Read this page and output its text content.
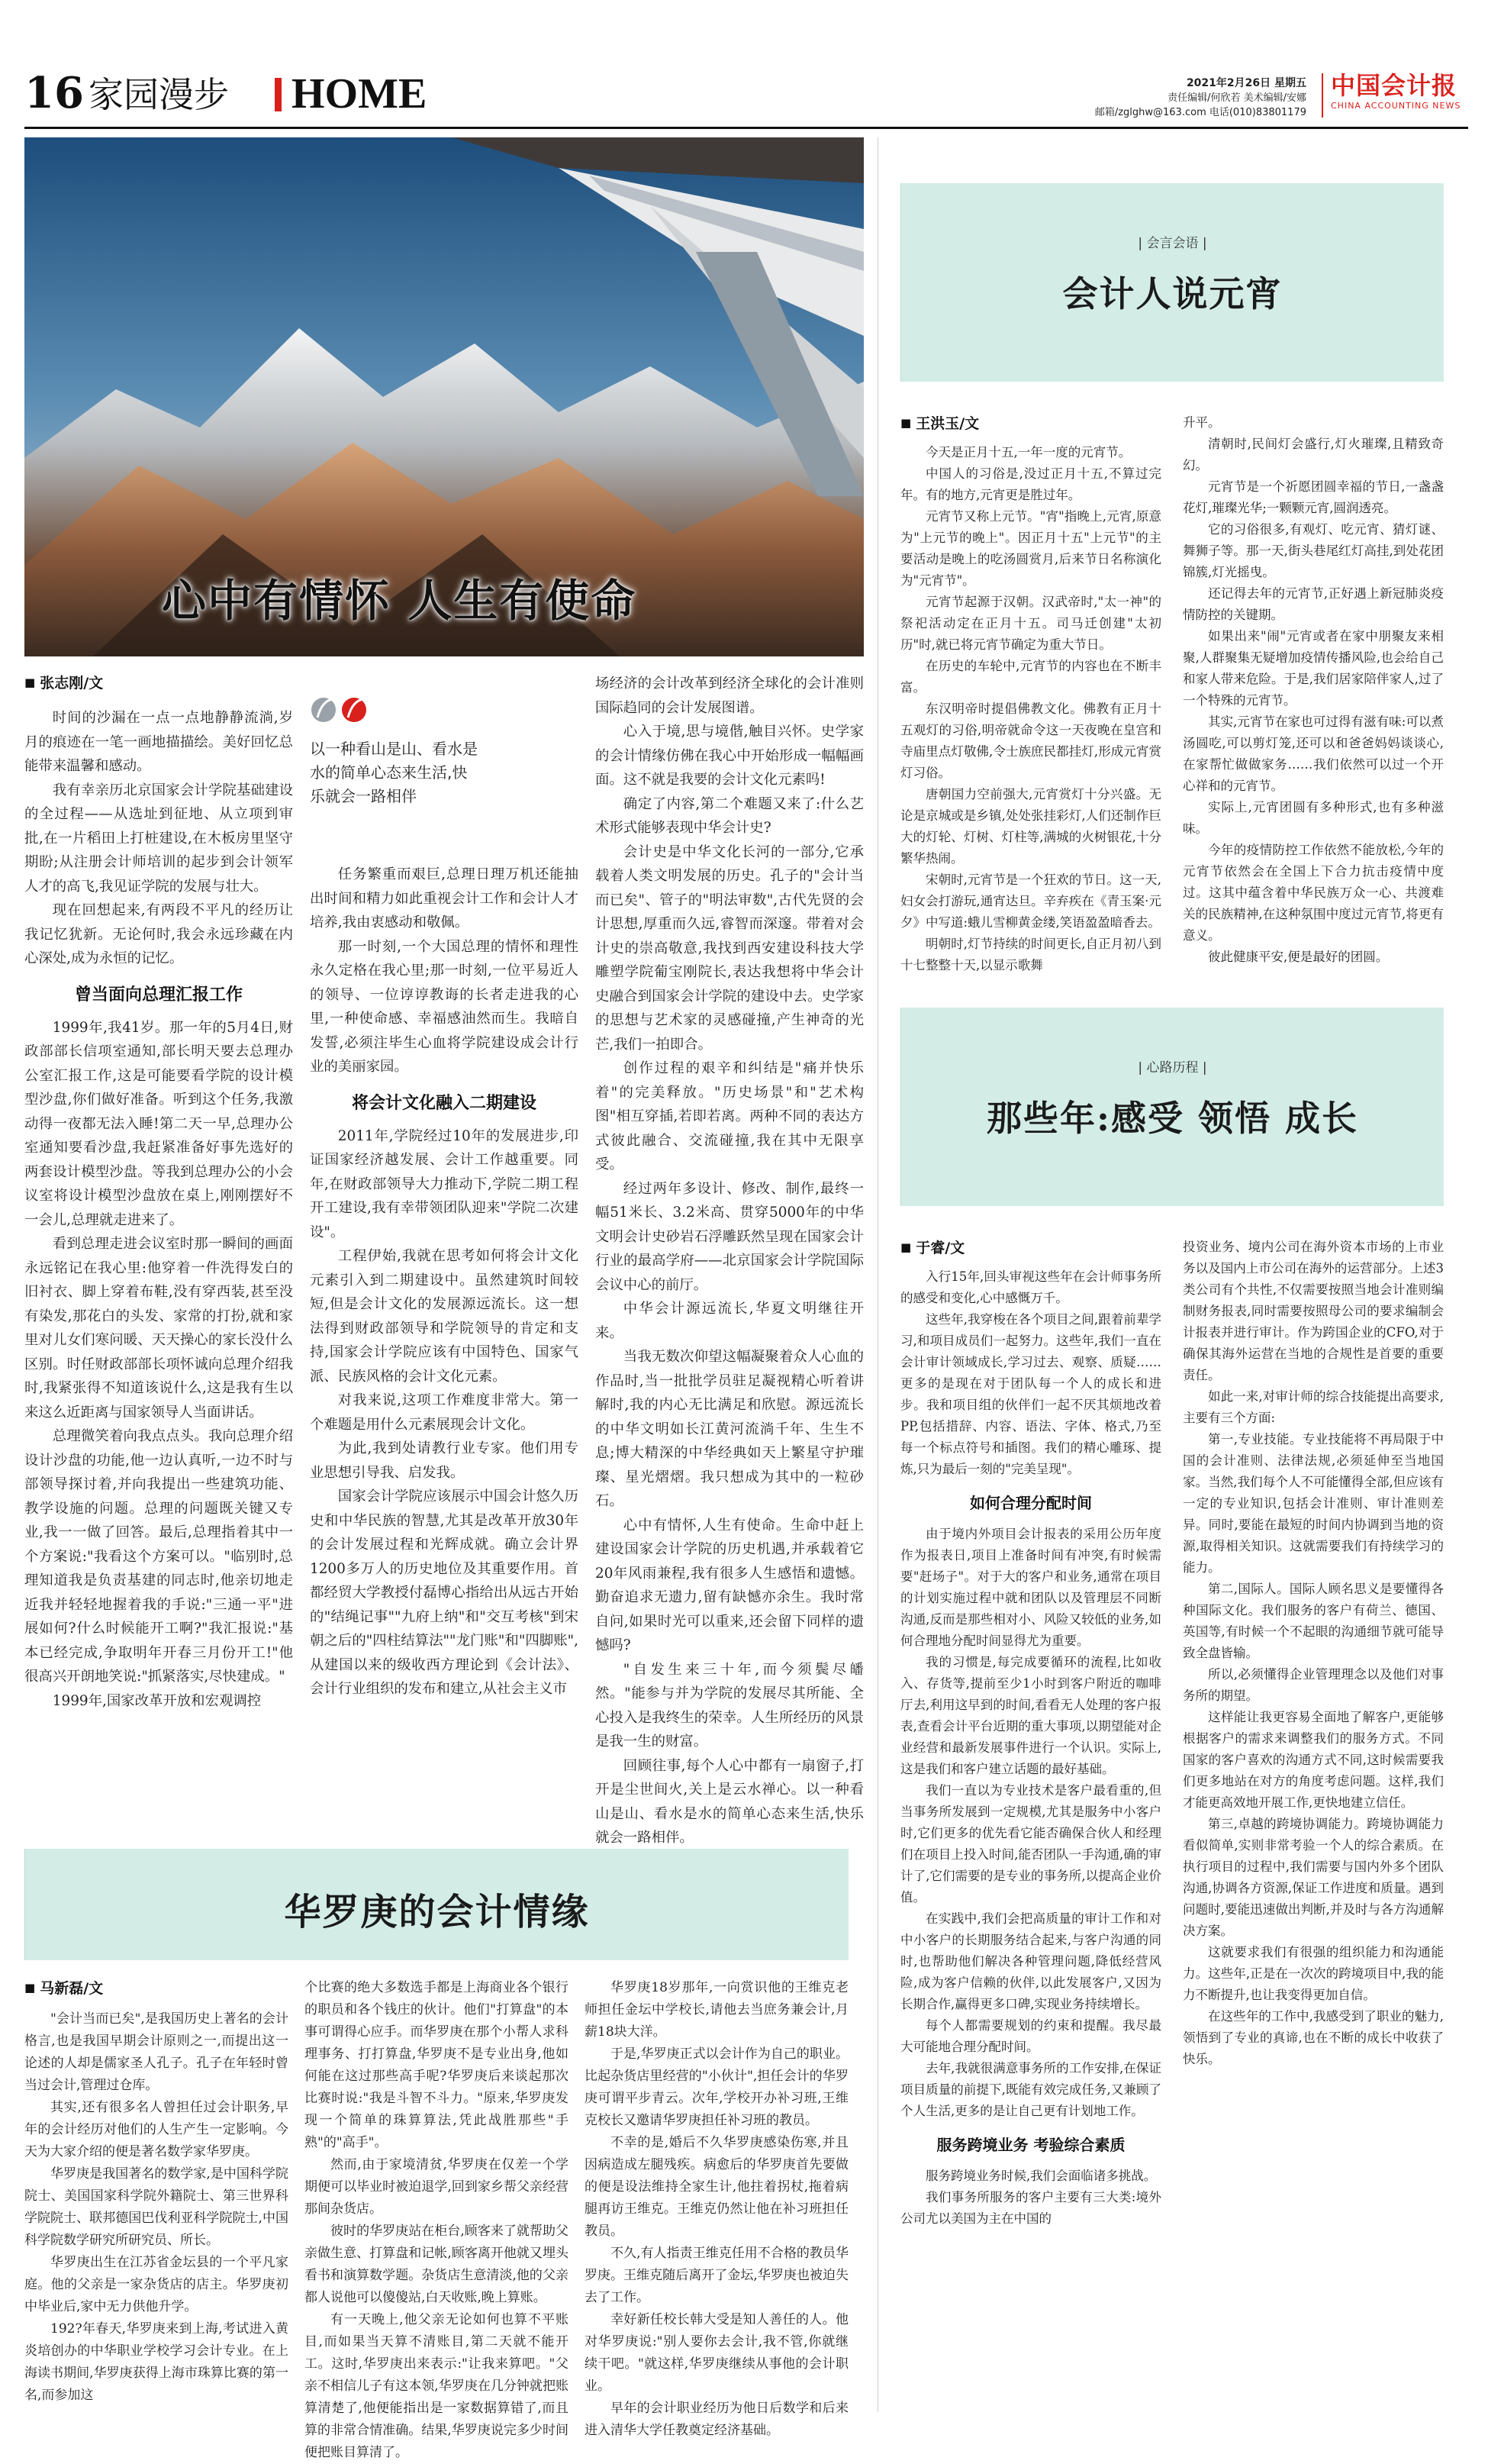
16 家园漫步 HOME	2021年2月26日 星期五
责任编辑/何欣若 美术编辑/安娜
邮箱/zglghw@163.com 电话(010)83801179
中国会计报
CHINA ACCOUNTING NEWS
心中有情怀 人生有使命
■ 张志刚/文

时间的沙漏在一点一点地静静流淌,岁月的痕迹在一笔一画地描描绘。美好回忆总能带来温馨和感动。

我有幸亲历北京国家会计学院基础建设的全过程——从选址到征地、从立项到审批,在一片稻田上打桩建设,在木板房里坚守期盼;从注册会计师培训的起步到会计领军人才的高飞,我见证学院的发展与壮大。

现在回想起来,有两段不平凡的经历让我记忆犹新。无论何时,我会永远珍藏在内心深处,成为永恒的记忆。

曾当面向总理汇报工作

1999年,我41岁。那一年的5月4日,财政部部长信项室通知,部长明天要去总理办公室汇报工作,这是可能要看学院的设计模型沙盘,你们做好准备。听到这个任务,我激动得一夜都无法入睡!第二天一早,总理办公室通知要看沙盘,我赶紧准备好事先选好的两套设计模型沙盘。等我到总理办公的小会议室将设计模型沙盘放在桌上,刚刚摆好不一会儿,总理就走进来了。

看到总理走进会议室时那一瞬间的画面永远铭记在我心里:他穿着一件洗得发白的旧衬衣、脚上穿着布鞋,没有穿西装,甚至没有染发,那花白的头发、家常的打扮,就和家里对儿女们寒问暖、天天操心的家长没什么区别。时任财政部部长项怀诚向总理介绍我时,我紧张得不知道该说什么,这是我有生以来这么近距离与国家领导人当面讲话。

总理微笑着向我点点头。我向总理介绍设计沙盘的功能,他一边认真听,一边不时与部领导探讨着,并向我提出一些建筑功能、教学设施的问题。总理的问题既关键又专业,我一一做了回答。最后,总理指着其中一个方案说:"我看这个方案可以。"临别时,总理知道我是负责基建的同志时,他亲切地走近我并轻轻地握着我的手说:"三通一平"进展如何?什么时候能开工啊?"我汇报说:"基本已经完成,争取明年开春三月份开工!"他很高兴开朗地笑说:"抓紧落实,尽快建成。"

1999年,国家改革开放和宏观调控

以一种看山是山、看水是水的简单心态来生活,快乐就会一路相伴

任务繁重而艰巨,总理日理万机还能抽出时间和精力如此重视会计工作和会计人才培养,我由衷感动和敬佩。

那一时刻,一个大国总理的情怀和理性永久定格在我心里;那一时刻,一位平易近人的领导、一位谆谆教诲的长者走进我的心里,一种使命感、幸福感油然而生。我暗自发誓,必须注毕生心血将学院建设成会计行业的美丽家园。

将会计文化融入二期建设

2011年,学院经过10年的发展进步,印证国家经济越发展、会计工作越重要。同年,在财政部领导大力推动下,学院二期工程开工建设,我有幸带领团队迎来"学院二次建设"。

工程伊始,我就在思考如何将会计文化元素引入到二期建设中。虽然建筑时间较短,但是会计文化的发展源远流长。这一想法得到财政部领导和学院领导的肯定和支持,国家会计学院应该有中国特色、国家气派、民族风格的会计文化元素。

对我来说,这项工作难度非常大。第一个难题是用什么元素展现会计文化。

为此,我到处请教行业专家。他们用专业思想引导我、启发我。

国家会计学院应该展示中国会计悠久历史和中华民族的智慧,尤其是改革开放30年的会计发展过程和光辉成就。确立会计界1200多万人的历史地位及其重要作用。首都经贸大学教授付磊博心指给出从远古开始的"结绳记事""九府上纳"和"交互考核"到宋朝之后的"四柱结算法""龙门账"和"四脚账",从建国以来的级收西方理论到《会计法》、会计行业组织的发布和建立,从社会主义市

场经济的会计改革到经济全球化的会计准则国际趋同的会计发展图谱。

心入于境,思与境偕,触目兴怀。史学家的会计情缘仿佛在我心中开始形成一幅幅画面。这不就是我要的会计文化元素吗!

确定了内容,第二个难题又来了:什么艺术形式能够表现中华会计史?

会计史是中华文化长河的一部分,它承载着人类文明发展的历史。孔子的"会计当而已矣"、管子的"明法审数",古代先贤的会计思想,厚重而久远,睿智而深邃。带着对会计史的崇高敬意,我找到西安建设科技大学雕塑学院葡宝刚院长,表达我想将中华会计史融合到国家会计学院的建设中去。史学家的思想与艺术家的灵感碰撞,产生神奇的光芒,我们一拍即合。

创作过程的艰辛和纠结是"痛并快乐着"的完美释放。"历史场景"和"艺术构图"相互穿插,若即若离。两种不同的表达方式彼此融合、交流碰撞,我在其中无限享受。

经过两年多设计、修改、制作,最终一幅51米长、3.2米高、贯穿5000年的中华文明会计史砂岩石浮雕跃然呈现在国家会计行业的最高学府——北京国家会计学院国际会议中心的前厅。

中华会计源远流长,华夏文明继往开来。

当我无数次仰望这幅凝聚着众人心血的作品时,当一批批学员驻足凝视精心听着讲解时,我的内心无比满足和欣慰。源远流长的中华文明如长江黄河流淌千年、生生不息;博大精深的中华经典如天上繁星守护璀璨、星光熠熠。我只想成为其中的一粒砂石。

心中有情怀,人生有使命。生命中赶上建设国家会计学院的历史机遇,并承载着它20年风雨兼程,我有很多人生感悟和遗憾。勤奋追求无遗力,留有缺憾亦余生。我时常自问,如果时光可以重来,还会留下同样的遗憾吗?

"自发生来三十年,而今须鬓尽皤然。"能参与并为学院的发展尽其所能、全心投入是我终生的荣幸。人生所经历的风景是我一生的财富。

回顾往事,每个人心中都有一扇窗子,打开是尘世间火,关上是云水禅心。以一种看山是山、看水是水的简单心态来生活,快乐就会一路相伴。

华罗庚的会计情缘
■ 马新磊/文

"会计当而已矣",是我国历史上著名的会计格言,也是我国早期会计原则之一,而提出这一论述的人却是儒家圣人孔子。孔子在年轻时曾当过会计,管理过仓库。

其实,还有很多名人曾担任过会计职务,早年的会计经历对他们的人生产生一定影响。今天为大家介绍的便是著名数学家华罗庚。

华罗庚是我国著名的数学家,是中国科学院院士、美国国家科学院外籍院士、第三世界科学院院士、联邦德国巴伐利亚科学院院士,中国科学院数学研究所研究员、所长。

华罗庚出生在江苏省金坛县的一个平凡家庭。他的父亲是一家杂货店的店主。华罗庚初中毕业后,家中无力供他升学。

192?年春天,华罗庚来到上海,考试进入黄炎培创办的中华职业学校学习会计专业。在上海读书期间,华罗庚获得上海市珠算比赛的第一名,而参加这

个比赛的绝大多数选手都是上海商业各个银行的职员和各个钱庄的伙计。他们"打算盘"的本事可谓得心应手。而华罗庚在那个小帮人求科理事务、打打算盘,华罗庚不是专业出身,他如何能在这过那些高手呢?华罗庚后来谈起那次比赛时说:"我是斗智不斗力。"原来,华罗庚发现一个简单的珠算算法,凭此战胜那些"手熟"的"高手"。

然而,由于家境清贫,华罗庚在仅差一个学期便可以毕业时被迫退学,回到家乡帮父亲经营那间杂货店。

彼时的华罗庚站在柜台,顾客来了就帮助父亲做生意、打算盘和记帐,顾客离开他就又埋头看书和演算数学题。杂货店生意清淡,他的父亲都人说他可以傻傻站,白天收账,晚上算账。

有一天晚上,他父亲无论如何也算不平账目,而如果当天算不清账目,第二天就不能开工。这时,华罗庚出来表示:"让我来算吧。"父亲不相信儿子有这本领,华罗庚在几分钟就把账算清楚了,他便能指出是一家数据算错了,而且算的非常合情准确。结果,华罗庚说完多少时间便把账目算清了。

华罗庚18岁那年,一向赏识他的王维克老师担任金坛中学校长,请他去当庶务兼会计,月薪18块大洋。

于是,华罗庚正式以会计作为自己的职业。比起杂货店里经营的"小伙计",担任会计的华罗庚可谓平步青云。次年,学校开办补习班,王维克校长又邀请华罗庚担任补习班的教员。

不幸的是,婚后不久华罗庚感染伤寒,并且因病造成左腿残疾。病愈后的华罗庚首先要做的便是设法维持全家生计,他拄着拐杖,拖着病腿再访王维克。王维克仍然让他在补习班担任教员。

不久,有人指责王维克任用不合格的教员华罗庚。王维克随后离开了金坛,华罗庚也被迫失去了工作。

幸好新任校长韩大受是知人善任的人。他对华罗庚说:"别人要你去会计,我不管,你就继续干吧。"就这样,华罗庚继续从事他的会计职业。

早年的会计职业经历为他日后数学和后来进入清华大学任教奠定经济基础。

| 会言会语 |
会计人说元宵
■ 王洪玉/文

今天是正月十五,一年一度的元宵节。

中国人的习俗是,没过正月十五,不算过完年。有的地方,元宵更是胜过年。

元宵节又称上元节。"宵"指晚上,元宵,原意为"上元节的晚上"。因正月十五"上元节"的主要活动是晚上的吃汤圆赏月,后来节日名称演化为"元宵节"。

元宵节起源于汉朝。汉武帝时,"太一神"的祭祀活动定在正月十五。司马迁创建"太初历"时,就已将元宵节确定为重大节日。

在历史的车轮中,元宵节的内容也在不断丰富。

东汉明帝时提倡佛教文化。佛教有正月十五观灯的习俗,明帝就命令这一天夜晚在皇宫和寺庙里点灯敬佛,令士族庶民都挂灯,形成元宵赏灯习俗。

唐朝国力空前强大,元宵赏灯十分兴盛。无论是京城或是乡镇,处处张挂彩灯,人们还制作巨大的灯轮、灯树、灯柱等,满城的火树银花,十分繁华热闹。

宋朝时,元宵节是一个狂欢的节日。这一天,妇女会打游玩,通宵达旦。辛弃疾在《青玉案·元夕》中写道:蛾儿雪柳黄金缕,笑语盈盈暗香去。

明朝时,灯节持续的时间更长,自正月初八到十七整整十天,以显示歌舞

升平。

清朝时,民间灯会盛行,灯火璀璨,且精致奇幻。

元宵节是一个祈愿团圆幸福的节日,一盏盏花灯,璀璨光华;一颗颗元宵,圆润透亮。

它的习俗很多,有观灯、吃元宵、猜灯谜、舞狮子等。那一天,街头巷尾红灯高挂,到处花团锦簇,灯光摇曳。

还记得去年的元宵节,正好遇上新冠肺炎疫情防控的关键期。

如果出来"闹"元宵或者在家中朋聚友来相聚,人群聚集无疑增加疫情传播风险,也会给自己和家人带来危险。于是,我们居家陪伴家人,过了一个特殊的元宵节。

其实,元宵节在家也可过得有滋有味:可以煮汤圆吃,可以剪灯笼,还可以和爸爸妈妈谈谈心,在家帮忙做做家务……我们依然可以过一个开心祥和的元宵节。

实际上,元宵团圆有多种形式,也有多种滋味。

今年的疫情防控工作依然不能放松,今年的元宵节依然会在全国上下合力抗击疫情中度过。这其中蕴含着中华民族万众一心、共渡难关的民族精神,在这种氛围中度过元宵节,将更有意义。

彼此健康平安,便是最好的团圆。

| 心路历程 |
那些年:感受 领悟 成长
■ 于睿/文

入行15年,回头审视这些年在会计师事务所的感受和变化,心中感慨万千。

这些年,我穿梭在各个项目之间,跟着前辈学习,和项目成员们一起努力。这些年,我们一直在会计审计领域成长,学习过去、观察、质疑……更多的是现在对于团队每一个人的成长和进步。我和项目组的伙伴们一起不厌其烦地改着PP,包括措辞、内容、语法、字体、格式,乃至每一个标点符号和插图。我们的精心雕琢、提炼,只为最后一刻的"完美呈现"。

如何合理分配时间

由于境内外项目会计报表的采用公历年度作为报表日,项目上准备时间有冲突,有时候需要"赶场子"。对于大的客户和业务,通常在项目的计划实施过程中就和团队以及管理层不同断沟通,反而是那些相对小、风险又较低的业务,如何合理地分配时间显得尤为重要。

我的习惯是,每完成要循环的流程,比如收入、存货等,提前至少1小时到客户附近的咖啡厅去,利用这早到的时间,看看无人处理的客户报表,查看会计平台近期的重大事项,以期望能对企业经营和最新发展事件进行一个认识。实际上,这是我们和客户建立话题的最好基础。

我们一直以为专业技术是客户最看重的,但当事务所发展到一定规模,尤其是服务中小客户时,它们更多的优先看它能否确保合伙人和经理们在项目上投入时间,能否团队一手沟通,确的审计了,它们需要的是专业的事务所,以提高企业价值。

在实践中,我们会把高质量的审计工作和对中小客户的长期服务结合起来,与客户沟通的同时,也帮助他们解决各种管理问题,降低经营风险,成为客户信赖的伙伴,以此发展客户,又因为长期合作,赢得更多口碑,实现业务持续增长。

每个人都需要规划的约束和提醒。我尽最大可能地合理分配时间。

去年,我就很满意事务所的工作安排,在保证项目质量的前提下,既能有效完成任务,又兼顾了个人生活,更多的是让自己更有计划地工作。

服务跨境业务 考验综合素质

服务跨境业务时候,我们会面临诸多挑战。

我们事务所服务的客户主要有三大类:境外公司尤以美国为主在中国的

投资业务、境内公司在海外资本市场的上市业务以及国内上市公司在海外的运营部分。上述3类公司有个共性,不仅需要按照当地会计准则编制财务报表,同时需要按照母公司的要求编制会计报表并进行审计。作为跨国企业的CFO,对于确保其海外运营在当地的合规性是首要的重要责任。

如此一来,对审计师的综合技能提出高要求,主要有三个方面:

第一,专业技能。专业技能将不再局限于中国的会计准则、法律法规,必须延伸至当地国家。当然,我们每个人不可能懂得全部,但应该有一定的专业知识,包括会计准则、审计准则差异。同时,要能在最短的时间内协调到当地的资源,取得相关知识。这就需要我们有持续学习的能力。

第二,国际人。国际人顾名思义是要懂得各种国际文化。我们服务的客户有荷兰、德国、英国等,有时候一个不起眼的沟通细节就可能导致全盘皆输。

所以,必须懂得企业管理理念以及他们对事务所的期望。

这样能让我更容易全面地了解客户,更能够根据客户的需求来调整我们的服务方式。不同国家的客户喜欢的沟通方式不同,这时候需要我们更多地站在对方的角度考虑问题。这样,我们才能更高效地开展工作,更快地建立信任。

第三,卓越的跨境协调能力。跨境协调能力看似简单,实则非常考验一个人的综合素质。在执行项目的过程中,我们需要与国内外多个团队沟通,协调各方资源,保证工作进度和质量。遇到问题时,要能迅速做出判断,并及时与各方沟通解决方案。

这就要求我们有很强的组织能力和沟通能力。这些年,正是在一次次的跨境项目中,我的能力不断提升,也让我变得更加自信。

在这些年的工作中,我感受到了职业的魅力,领悟到了专业的真谛,也在不断的成长中收获了快乐。
